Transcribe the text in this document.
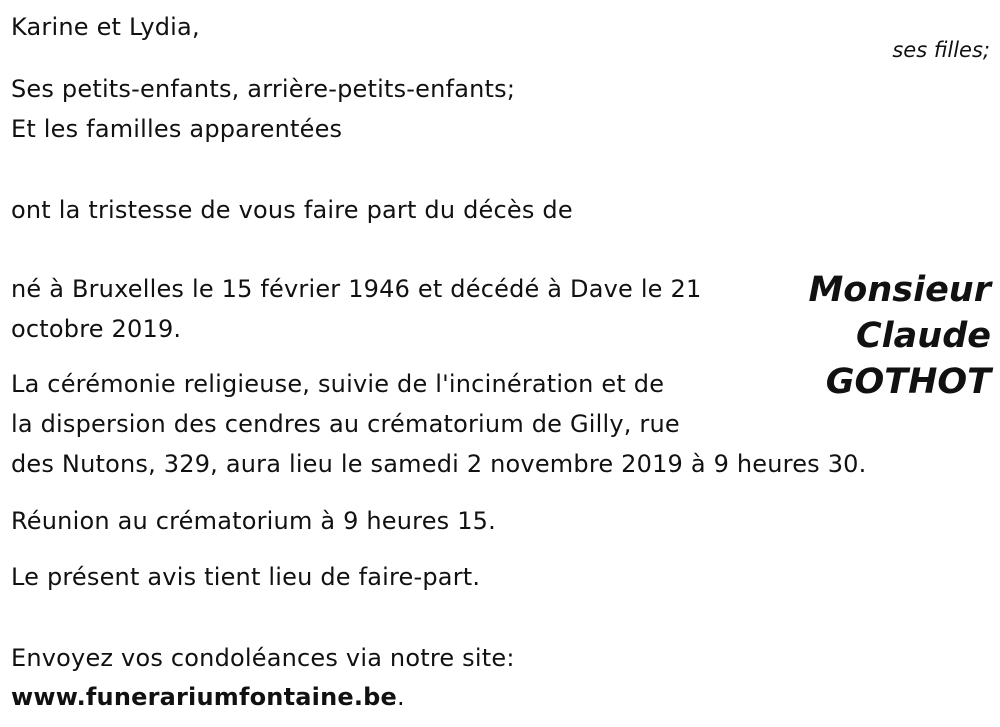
Karine et Lydia,
ses filles;
Ses petits-enfants, arrière-petits-enfants;
Et les familles apparentées
ont la tristesse de vous faire part du décès de
né à Bruxelles le 15 février 1946 et décédé à Dave le 21
octobre 2019.
Monsieur
Claude
GOTHOT
La cérémonie religieuse, suivie de l'incinération et de
la dispersion des cendres au crématorium de Gilly, rue
des Nutons, 329, aura lieu le samedi 2 novembre 2019 à 9 heures 30.
Réunion au crématorium à 9 heures 15.
Le présent avis tient lieu de faire-part.
Envoyez vos condoléances via notre site:
www.funerariumfontaine.be.
